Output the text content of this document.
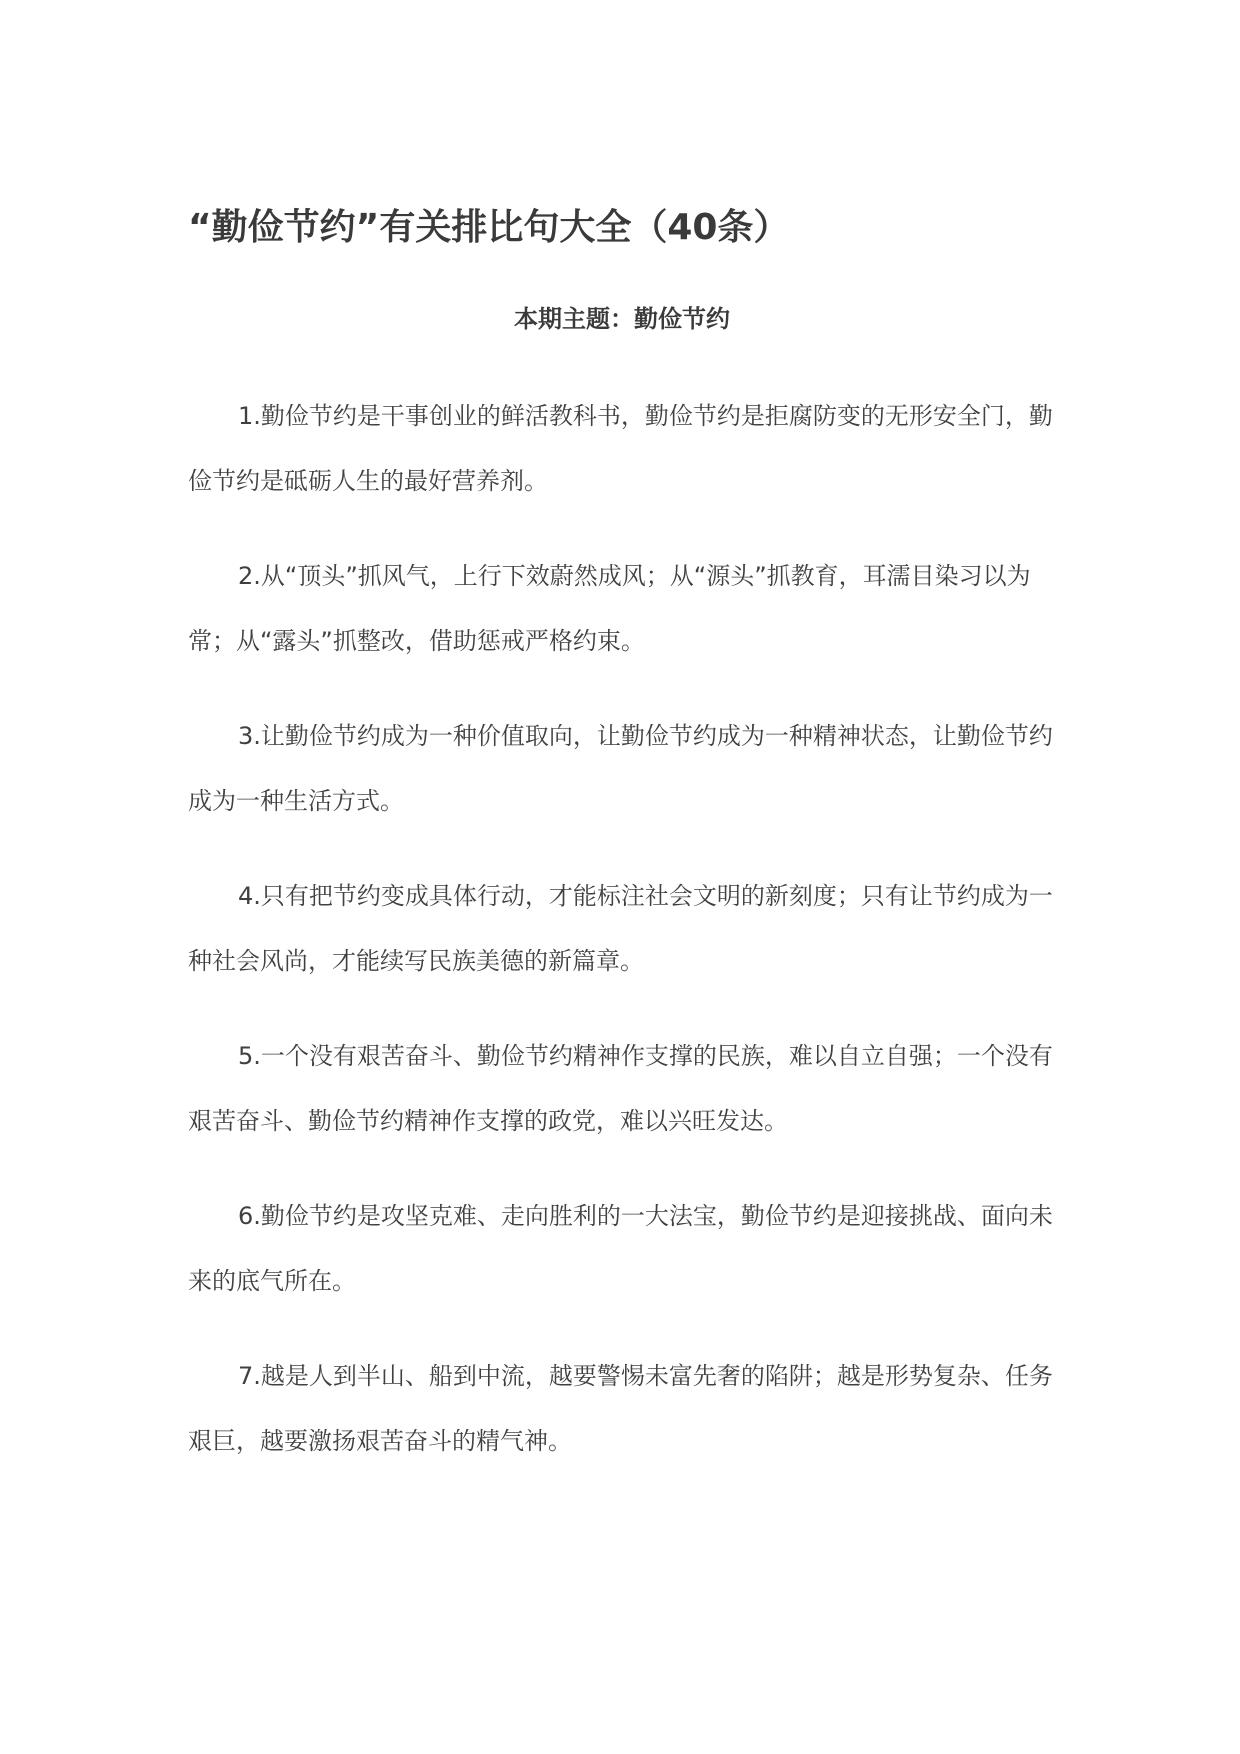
“勤俭节约”有关排比句大全（40条）

本期主题：勤俭节约

1.勤俭节约是干事创业的鲜活教科书，勤俭节约是拒腐防变的无形安全门，勤俭节约是砥砺人生的最好营养剂。

2.从“顶头”抓风气，上行下效蔚然成风；从“源头”抓教育，耳濡目染习以为常；从“露头”抓整改，借助惩戒严格约束。

3.让勤俭节约成为一种价值取向，让勤俭节约成为一种精神状态，让勤俭节约成为一种生活方式。

4.只有把节约变成具体行动，才能标注社会文明的新刻度；只有让节约成为一种社会风尚，才能续写民族美德的新篇章。

5.一个没有艰苦奋斗、勤俭节约精神作支撑的民族，难以自立自强；一个没有艰苦奋斗、勤俭节约精神作支撑的政党，难以兴旺发达。

6.勤俭节约是攻坚克难、走向胜利的一大法宝，勤俭节约是迎接挑战、面向未来的底气所在。

7.越是人到半山、船到中流，越要警惕未富先奢的陷阱；越是形势复杂、任务艰巨，越要激扬艰苦奋斗的精气神。
